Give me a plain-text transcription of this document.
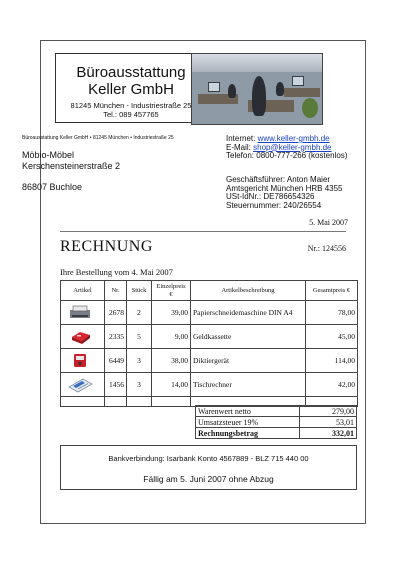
Büroausstattung
Keller GmbH
81245 München - Industriestraße 25
Tel.: 089 457765
Büroausstattung Keller GmbH • 81245 München • Industriestraße 25
Möbio-Möbel
Kerschensteinerstraße 2
86807 Buchloe
Internet: www.keller-gmbh.de
E-Mail: shop@keller-gmbh.de
Telefon: 0800-777-266 (kostenlos)
Geschäftsführer: Anton Maier
Amtsgericht München HRB 4355
USt-IdNr.: DE786654326
Steuernummer: 240/26554
5. Mai 2007
RECHNUNG	Nr.: 124556
Ihre Bestellung vom 4. Mai 2007
Artikel	Nr.	Stück	Einzelpreis €	Artikelbeschreibung	Gesamtpreis €
	2678	2	39,00	Papierschneidemaschine DIN A4	78,00
	2335	5	9,00	Geldkassette	45,00
	6449	3	38,00	Diktiergerät	114,00
	1456	3	14,00	Tischrechner	42,00

Warenwert netto	279,00
Umsatzsteuer 19%	53,01
Rechnungsbetrag	332,01
Bankverbindung: Isarbank Konto 4567889 - BLZ 715 440 00
Fällig am 5. Juni 2007 ohne Abzug
